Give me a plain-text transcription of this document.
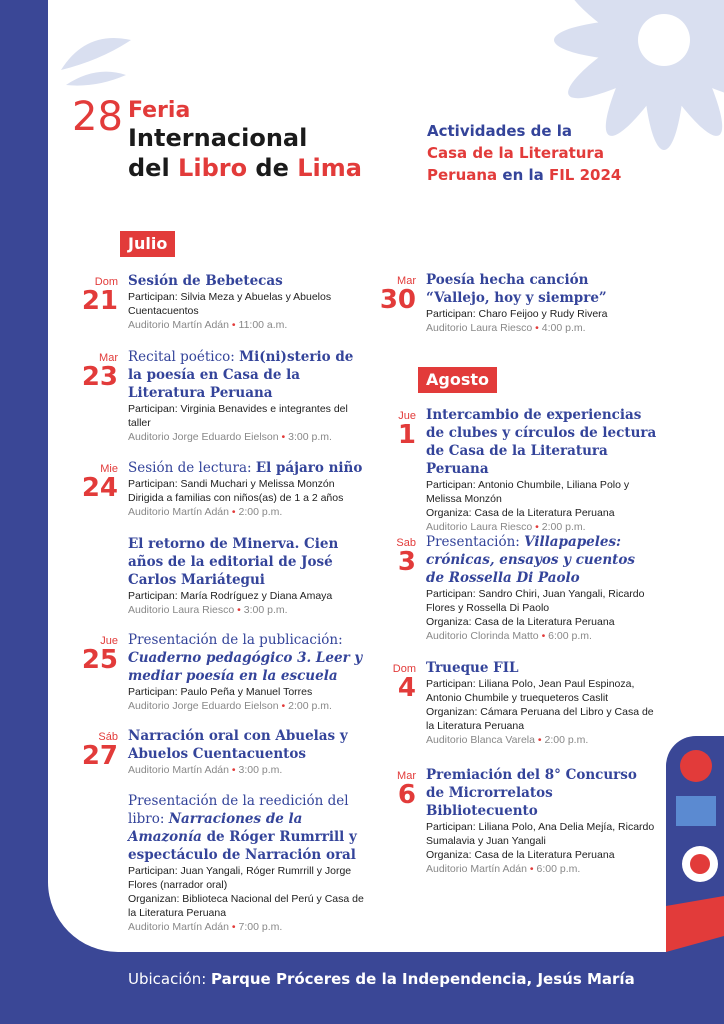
28 Feria
Internacional
del Libro de Lima
Actividades de la
Casa de la Literatura
Peruana en la FIL 2024
Julio
Agosto
Dom
21
Sesión de Bebetecas
Participan: Silvia Meza y Abuelas y Abuelos Cuentacuentos
Auditorio Martín Adán • 11:00 a.m.
Mar
23
Recital poético: Mi(ni)sterio de la poesía en Casa de la Literatura Peruana
Participan: Virginia Benavides e integrantes del taller
Auditorio Jorge Eduardo Eielson • 3:00 p.m.
Mie
24
Sesión de lectura: El pájaro niño
Participan: Sandi Muchari y Melissa Monzón
Dirigida a familias con niños(as) de 1 a 2 años
Auditorio Martín Adán • 2:00 p.m.
El retorno de Minerva. Cien años de la editorial de José Carlos Mariátegui
Participan: María Rodríguez y Diana Amaya
Auditorio Laura Riesco • 3:00 p.m.
Jue
25
Presentación de la publicación: Cuaderno pedagógico 3. Leer y mediar poesía en la escuela
Participan: Paulo Peña y Manuel Torres
Auditorio Jorge Eduardo Eielson • 2:00 p.m.
Sáb
27
Narración oral con Abuelas y Abuelos Cuentacuentos
Auditorio Martín Adán • 3:00 p.m.
Presentación de la reedición del libro: Narraciones de la Amazonía de Róger Rumrrill y espectáculo de Narración oral
Participan: Juan Yangali, Róger Rumrrill y Jorge Flores (narrador oral)
Organizan: Biblioteca Nacional del Perú y Casa de la Literatura Peruana
Auditorio Martín Adán • 7:00 p.m.
Mar
30
Poesía hecha canción “Vallejo, hoy y siempre”
Participan: Charo Feijoo y Rudy Rivera
Auditorio Laura Riesco • 4:00 p.m.
Jue
1
Intercambio de experiencias de clubes y círculos de lectura de Casa de la Literatura Peruana
Participan: Antonio Chumbile, Liliana Polo y Melissa Monzón
Organiza: Casa de la Literatura Peruana
Auditorio Laura Riesco • 2:00 p.m.
Sab
3
Presentación: Villapapeles: crónicas, ensayos y cuentos de Rossella Di Paolo
Participan: Sandro Chiri, Juan Yangali, Ricardo Flores y Rossella Di Paolo
Organiza: Casa de la Literatura Peruana
Auditorio Clorinda Matto • 6:00 p.m.
Dom
4
Trueque FIL
Participan: Liliana Polo, Jean Paul Espinoza, Antonio Chumbile y truequeteros Caslit
Organizan: Cámara Peruana del Libro y Casa de la Literatura Peruana
Auditorio Blanca Varela • 2:00 p.m.
Mar
6
Premiación del 8° Concurso de Microrrelatos Bibliotecuento
Participan: Liliana Polo, Ana Delia Mejía, Ricardo Sumalavia y Juan Yangali
Organiza: Casa de la Literatura Peruana
Auditorio Martín Adán • 6:00 p.m.
Ubicación: Parque Próceres de la Independencia, Jesús María
